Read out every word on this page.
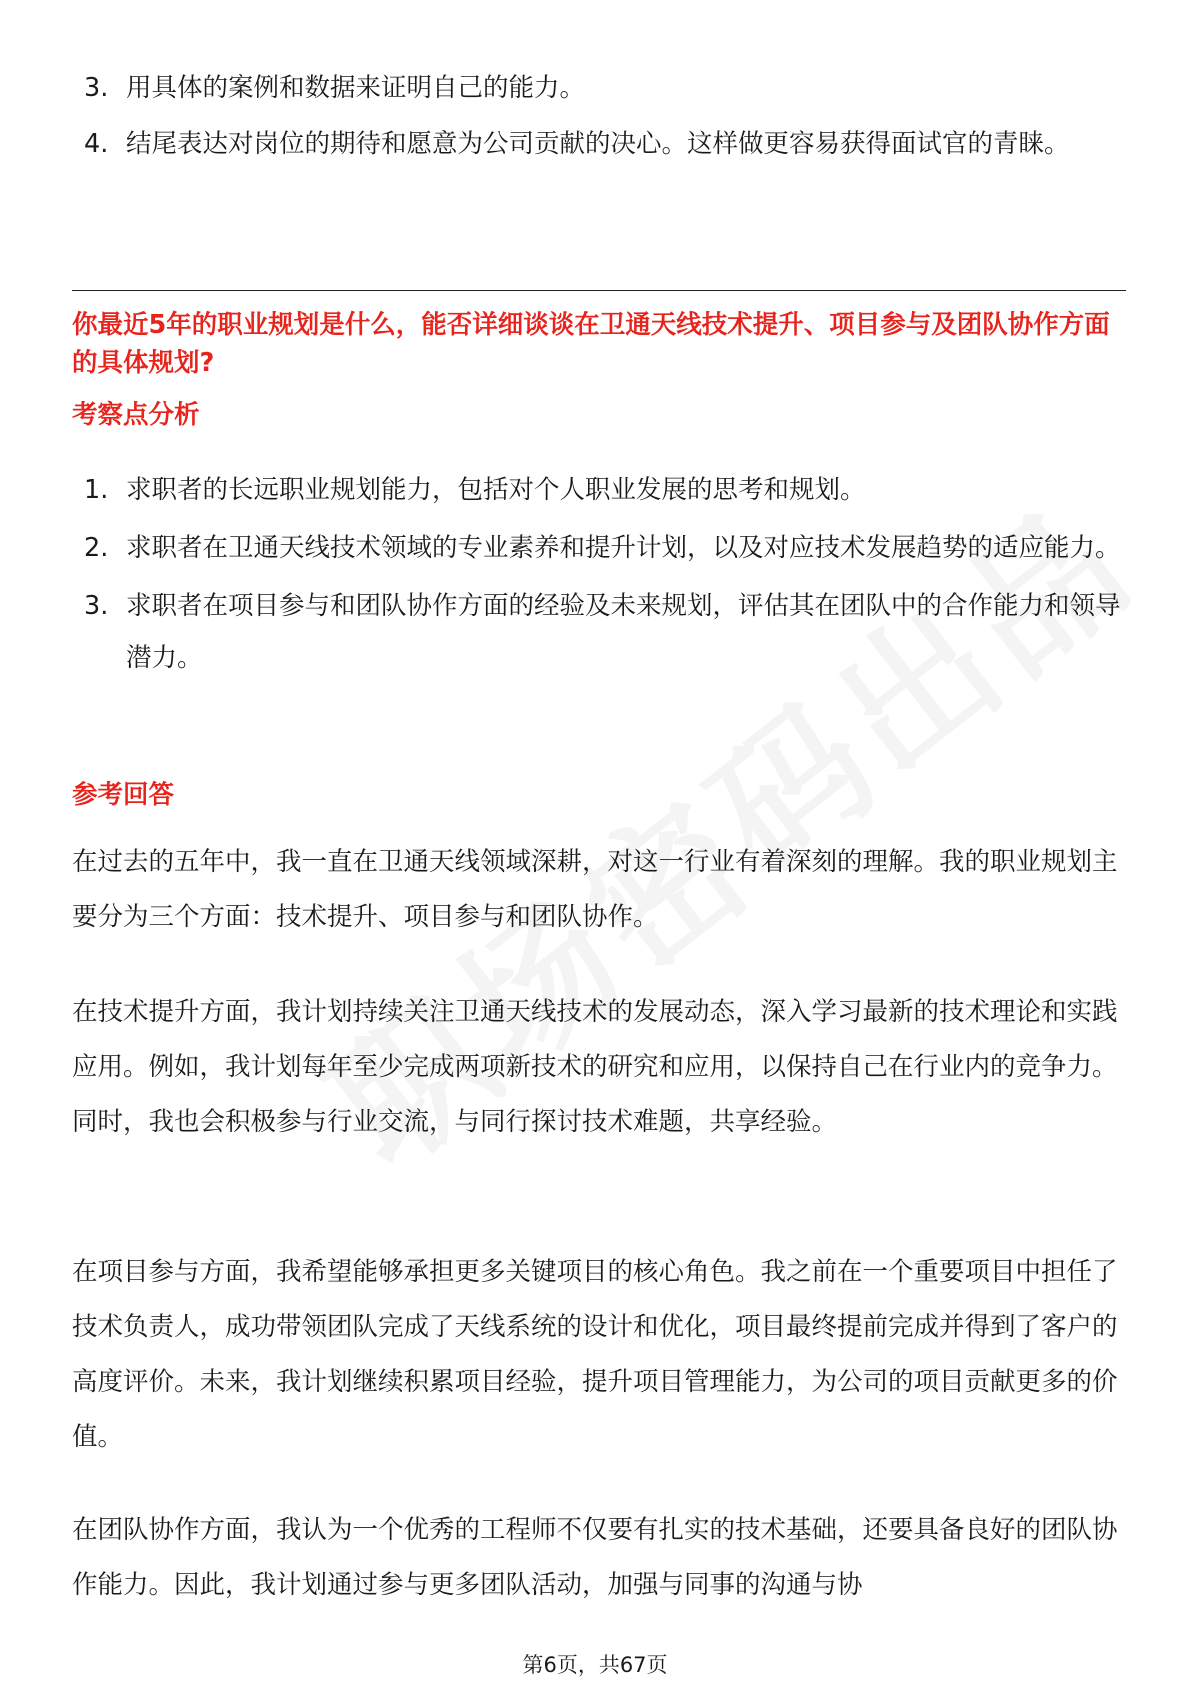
3. 用具体的案例和数据来证明自己的能力。
4. 结尾表达对岗位的期待和愿意为公司贡献的决心。这样做更容易获得面试官的青睐。
你最近5年的职业规划是什么，能否详细谈谈在卫通天线技术提升、项目参与及团队协作方面的具体规划?
考察点分析
1. 求职者的长远职业规划能力，包括对个人职业发展的思考和规划。
2. 求职者在卫通天线技术领域的专业素养和提升计划，以及对应技术发展趋势的适应能力。
3. 求职者在项目参与和团队协作方面的经验及未来规划，评估其在团队中的合作能力和领导潜力。
参考回答

在过去的五年中，我一直在卫通天线领域深耕，对这一行业有着深刻的理解。我的职业规划主要分为三个方面：技术提升、项目参与和团队协作。

在技术提升方面，我计划持续关注卫通天线技术的发展动态，深入学习最新的技术理论和实践应用。例如，我计划每年至少完成两项新技术的研究和应用，以保持自己在行业内的竞争力。同时，我也会积极参与行业交流，与同行探讨技术难题，共享经验。

在项目参与方面，我希望能够承担更多关键项目的核心角色。我之前在一个重要项目中担任了技术负责人，成功带领团队完成了天线系统的设计和优化，项目最终提前完成并得到了客户的高度评价。未来，我计划继续积累项目经验，提升项目管理能力，为公司的项目贡献更多的价值。

在团队协作方面，我认为一个优秀的工程师不仅要有扎实的技术基础，还要具备良好的团队协作能力。因此，我计划通过参与更多团队活动，加强与同事的沟通与协

第6页，共67页
